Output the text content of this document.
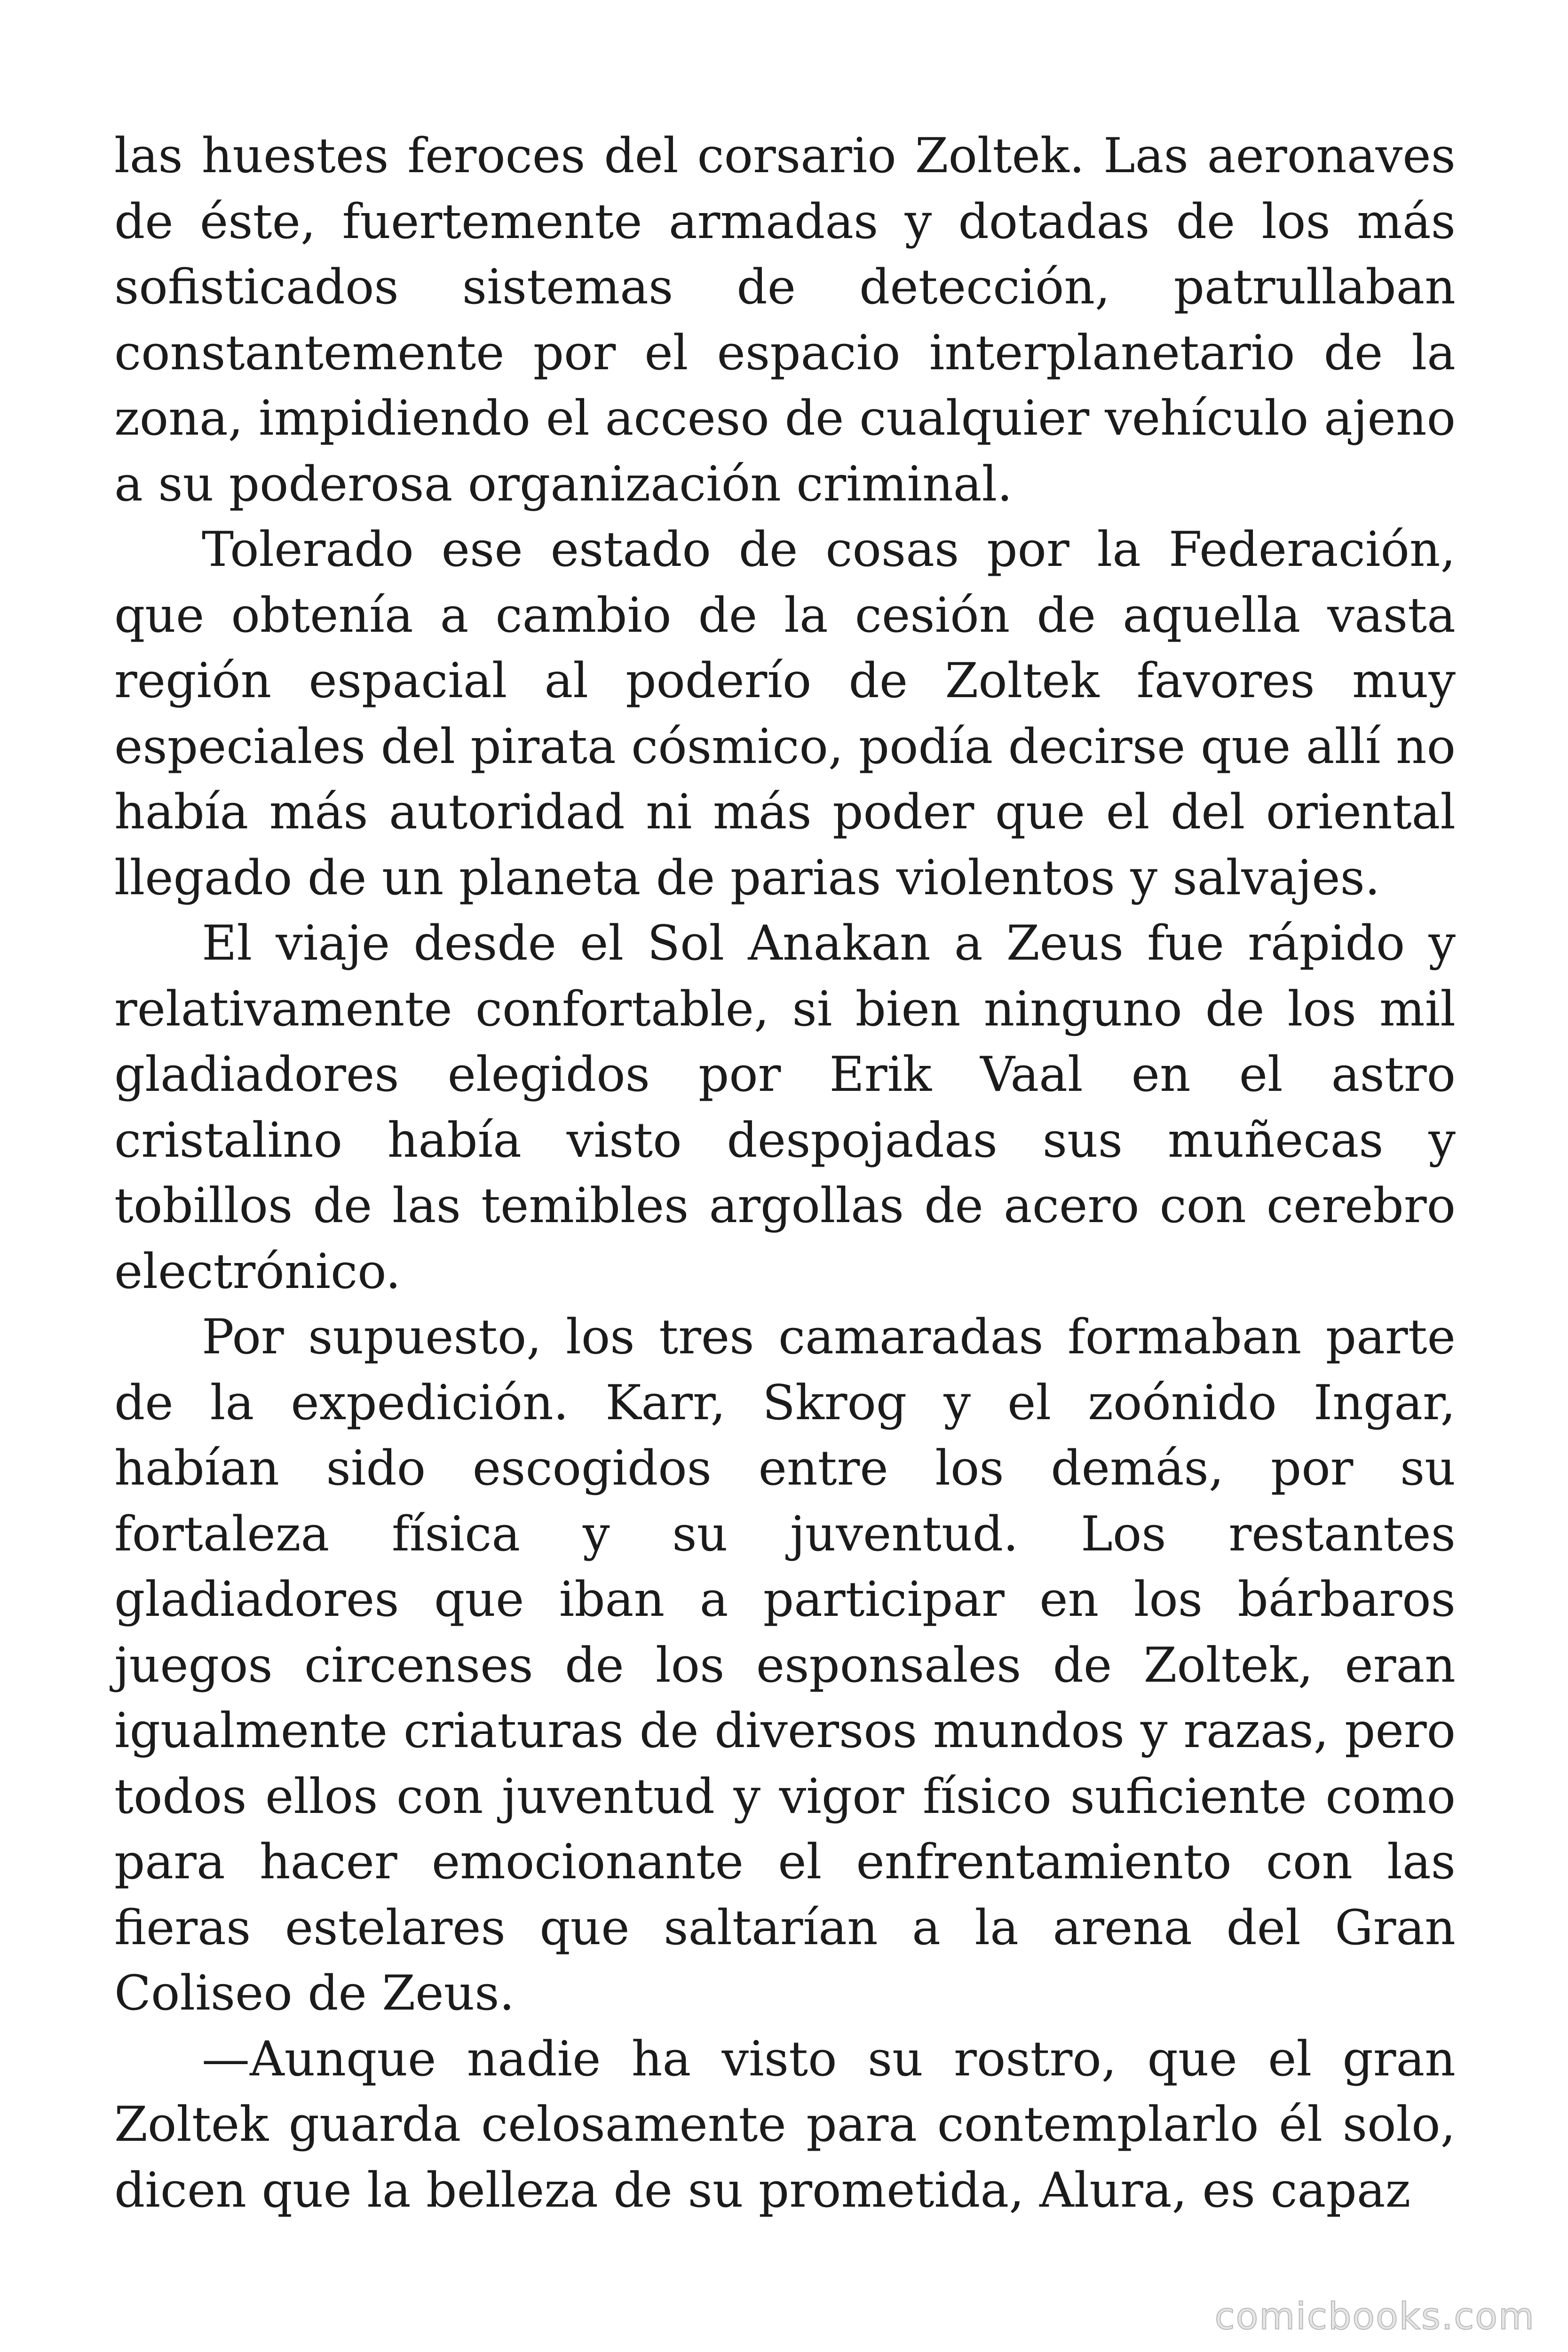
las huestes feroces del corsario Zoltek. Las aeronaves de éste, fuertemente armadas y dotadas de los más sofisticados sistemas de detección, patrullaban constantemente por el espacio interplanetario de la zona, impidiendo el acceso de cualquier vehículo ajeno a su poderosa organización criminal.

Tolerado ese estado de cosas por la Federación, que obtenía a cambio de la cesión de aquella vasta región espacial al poderío de Zoltek favores muy especiales del pirata cósmico, podía decirse que allí no había más autoridad ni más poder que el del oriental llegado de un planeta de parias violentos y salvajes.

El viaje desde el Sol Anakan a Zeus fue rápido y relativamente confortable, si bien ninguno de los mil gladiadores elegidos por Erik Vaal en el astro cristalino había visto despojadas sus muñecas y tobillos de las temibles argollas de acero con cerebro electrónico.

Por supuesto, los tres camaradas formaban parte de la expedición. Karr, Skrog y el zoónido Ingar, habían sido escogidos entre los demás, por su fortaleza física y su juventud. Los restantes gladiadores que iban a participar en los bárbaros juegos circenses de los esponsales de Zoltek, eran igualmente criaturas de diversos mundos y razas, pero todos ellos con juventud y vigor físico suficiente como para hacer emocionante el enfrentamiento con las fieras estelares que saltarían a la arena del Gran Coliseo de Zeus.

—Aunque nadie ha visto su rostro, que el gran Zoltek guarda celosamente para contemplarlo él solo, dicen que la belleza de su prometida, Alura, es capaz

comicbooks.com
